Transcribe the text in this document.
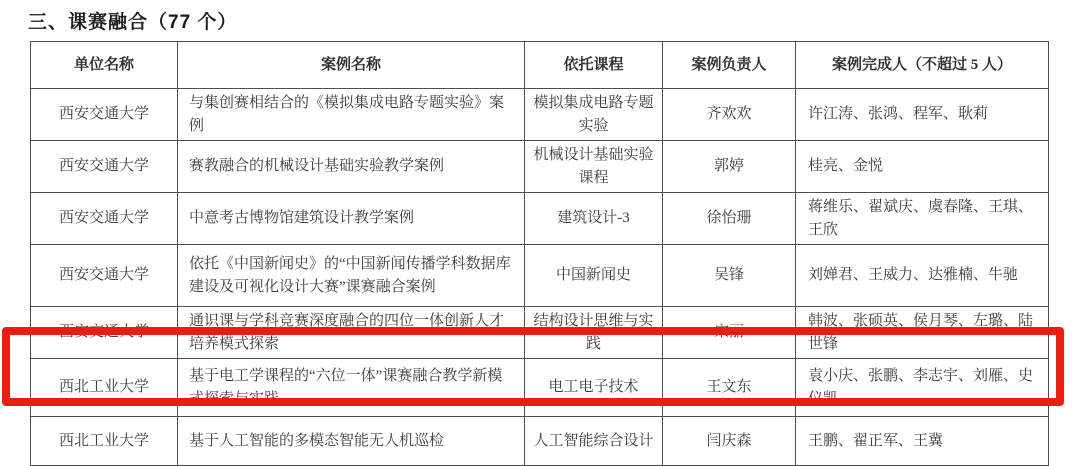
三、课赛融合（77 个）
单位名称	案例名称	依托课程	案例负责人	案例完成人（不超过 5 人）
西安交通大学	与集创赛相结合的《模拟集成电路专题实验》案例	模拟集成电路专题实验	齐欢欢	许江涛、张鸿、程军、耿莉
西安交通大学	赛教融合的机械设计基础实验教学案例	机械设计基础实验课程	郭婷	桂亮、金悦
西安交通大学	中意考古博物馆建筑设计教学案例	建筑设计-3	徐怡珊	蒋维乐、翟斌庆、虞春隆、王琪、王欣
西安交通大学	依托《中国新闻史》的“中国新闻传播学科数据库建设及可视化设计大赛”课赛融合案例	中国新闻史	吴锋	刘婵君、王威力、达雅楠、牛驰
西安交通大学	通识课与学科竞赛深度融合的四位一体创新人才培养模式探索	结构设计思维与实践	宋丽	韩波、张硕英、侯月琴、左璐、陆世锋
西北工业大学	基于电工学课程的“六位一体”课赛融合教学新模式探索与实践	电工电子技术	王文东	袁小庆、张鹏、李志宇、刘雁、史仪凯
西北工业大学	基于人工智能的多模态智能无人机巡检	人工智能综合设计	闫庆森	王鹏、翟正军、王冀
